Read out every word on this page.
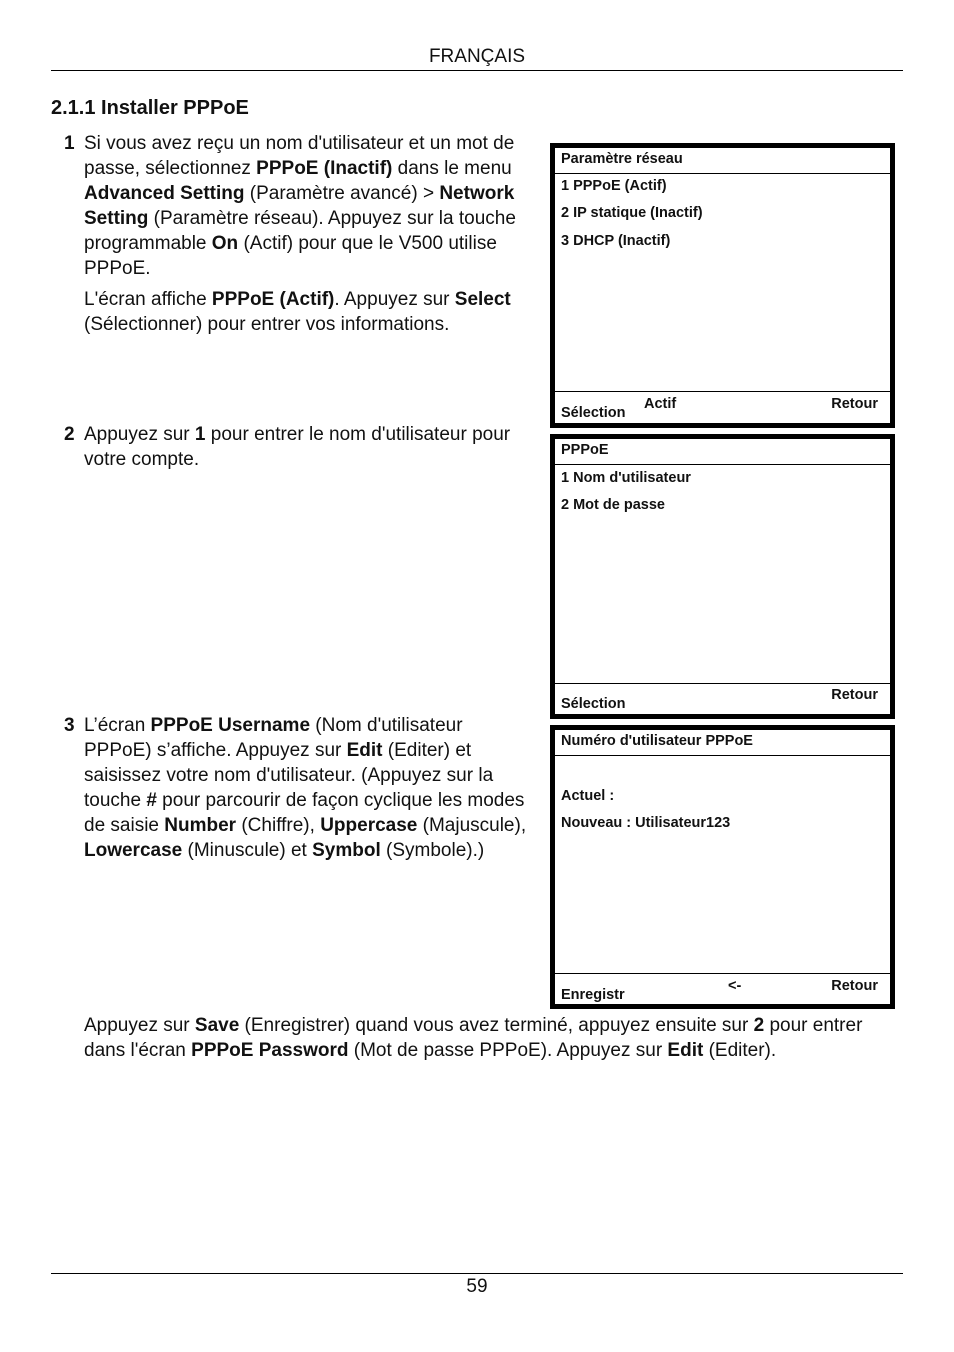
FRANÇAIS
2.1.1 Installer PPPoE
1 Si vous avez reçu un nom d'utilisateur et un mot de passe, sélectionnez PPPoE (Inactif) dans le menu Advanced Setting (Paramètre avancé) > Network Setting (Paramètre réseau). Appuyez sur la touche programmable On (Actif) pour que le V500 utilise PPPoE.

L'écran affiche PPPoE (Actif). Appuyez sur Select (Sélectionner) pour entrer vos informations.

2 Appuyez sur 1 pour entrer le nom d'utilisateur pour votre compte.

3 L’écran PPPoE Username (Nom d'utilisateur PPPoE) s’affiche. Appuyez sur Edit (Editer) et saisissez votre nom d'utilisateur. (Appuyez sur la touche # pour parcourir de façon cyclique les modes de saisie Number (Chiffre), Uppercase (Majuscule), Lowercase (Minuscule) et Symbol (Symbole).)

Appuyez sur Save (Enregistrer) quand vous avez terminé, appuyez ensuite sur 2 pour entrer dans l'écran PPPoE Password (Mot de passe PPPoE). Appuyez sur Edit (Editer).
Paramètre réseau
1 PPPoE (Actif)
2 IP statique (Inactif)
3 DHCP (Inactif)
Sélection
Actif	Retour
PPPoE
1 Nom d'utilisateur
2 Mot de passe
Sélection
Retour
Numéro d'utilisateur PPPoE
Actuel :
Nouveau : Utilisateur123
Enregistr
<-	Retour
59
